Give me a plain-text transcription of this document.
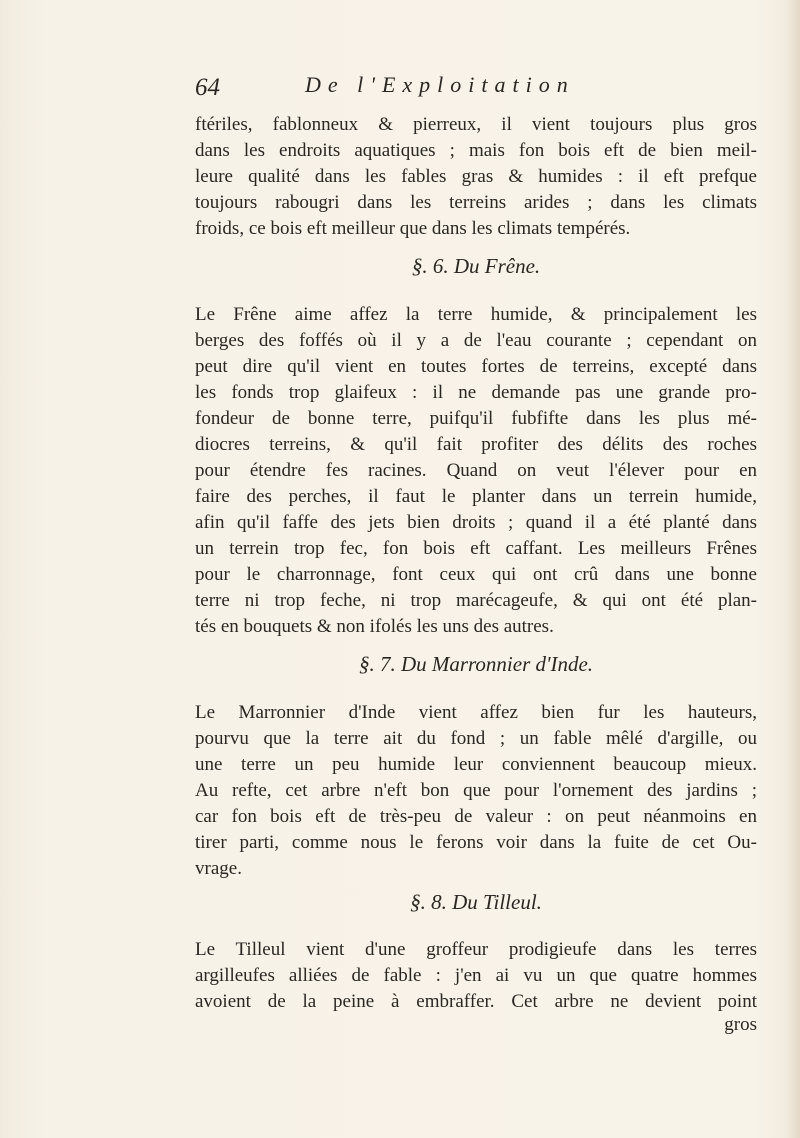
64	De l'Exploitation
ftériles, fablonneux & pierreux, il vient toujours plus gros
dans les endroits aquatiques ; mais fon bois eft de bien meil-
leure qualité dans les fables gras & humides : il eft prefque
toujours rabougri dans les terreins arides ; dans les climats
froids, ce bois eft meilleur que dans les climats tempérés.
§. 6. Du Frêne.
Le Frêne aime affez la terre humide, & principalement les
berges des foffés où il y a de l'eau courante ; cependant on
peut dire qu'il vient en toutes fortes de terreins, excepté dans
les fonds trop glaifeux : il ne demande pas une grande pro-
fondeur de bonne terre, puifqu'il fubfifte dans les plus mé-
diocres terreins, & qu'il fait profiter des délits des roches
pour étendre fes racines. Quand on veut l'élever pour en
faire des perches, il faut le planter dans un terrein humide,
afin qu'il faffe des jets bien droits ; quand il a été planté dans
un terrein trop fec, fon bois eft caffant. Les meilleurs Frênes
pour le charronnage, font ceux qui ont crû dans une bonne
terre ni trop feche, ni trop marécageufe, & qui ont été plan-
tés en bouquets & non ifolés les uns des autres.
§. 7. Du Marronnier d'Inde.
Le Marronnier d'Inde vient affez bien fur les hauteurs,
pourvu que la terre ait du fond ; un fable mêlé d'argille, ou
une terre un peu humide leur conviennent beaucoup mieux.
Au refte, cet arbre n'eft bon que pour l'ornement des jardins ;
car fon bois eft de très-peu de valeur : on peut néanmoins en
tirer parti, comme nous le ferons voir dans la fuite de cet Ou-
vrage.
§. 8. Du Tilleul.
Le Tilleul vient d'une groffeur prodigieufe dans les terres
argilleufes alliées de fable : j'en ai vu un que quatre hommes
avoient de la peine à embraffer. Cet arbre ne devient point
gros
